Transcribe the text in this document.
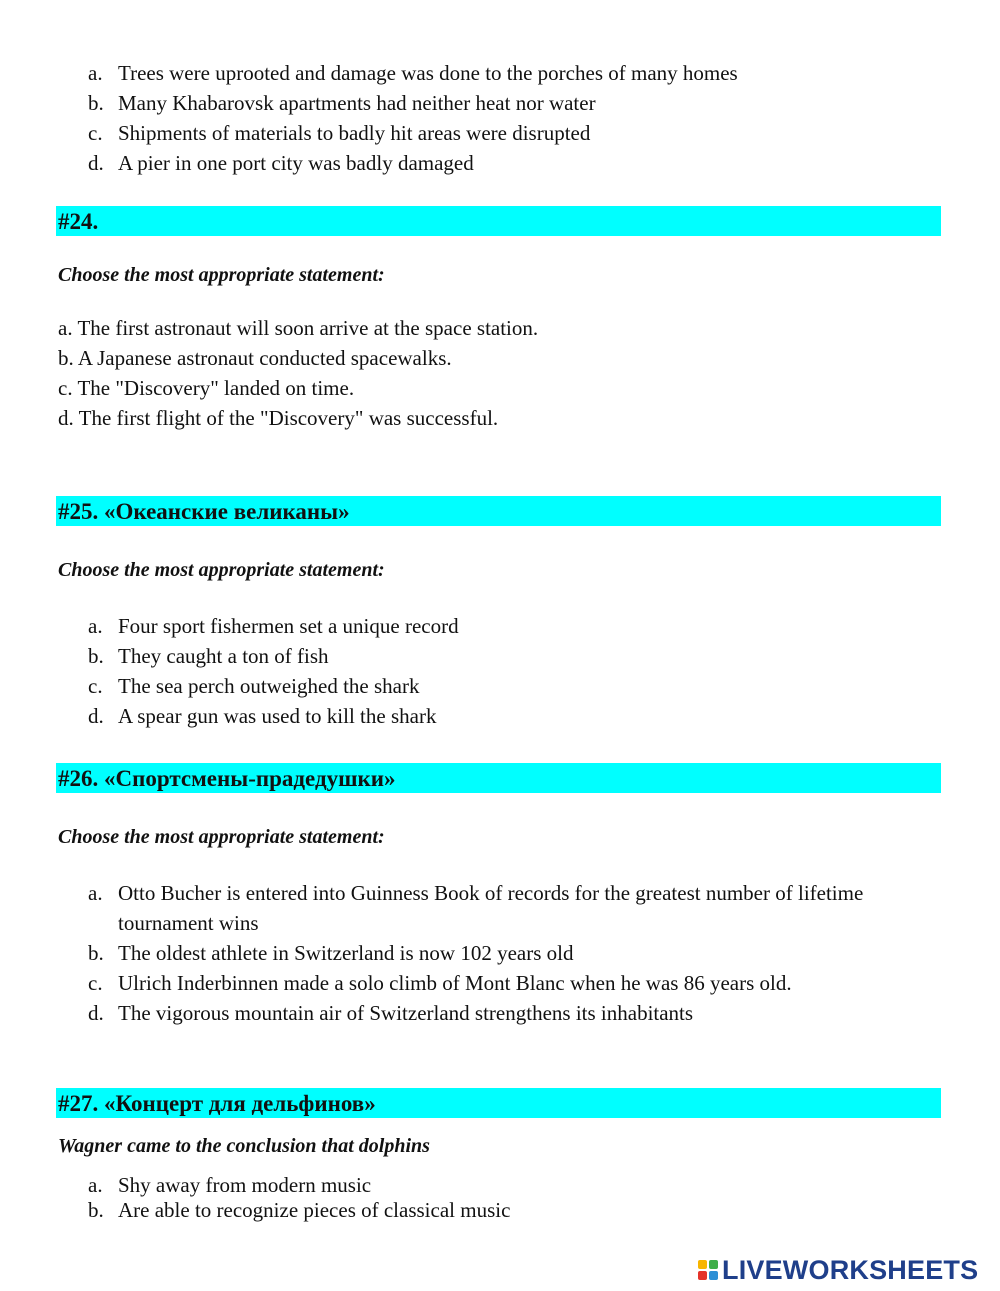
a. Trees were uprooted and damage was done to the porches of many homes
b. Many Khabarovsk apartments had neither heat nor water
c. Shipments of materials to badly hit areas were disrupted
d. A pier in one port city was badly damaged
#24.
Choose the most appropriate statement:
a. The first astronaut will soon arrive at the space station.
b. A Japanese astronaut conducted spacewalks.
c. The "Discovery" landed on time.
d. The first flight of the "Discovery" was successful.
#25. «Океанские великаны»
Choose the most appropriate statement:
a. Four sport fishermen set a unique record
b. They caught a ton of fish
c. The sea perch outweighed the shark
d. A spear gun was used to kill the shark
#26. «Спортсмены-прадедушки»
Choose the most appropriate statement:
a. Otto Bucher is entered into Guinness Book of records for the greatest number of lifetime tournament wins
b. The oldest athlete in Switzerland is now 102 years old
c. Ulrich Inderbinnen made a solo climb of Mont Blanc when he was 86 years old.
d. The vigorous mountain air of Switzerland strengthens its inhabitants
#27. «Концерт для дельфинов»
Wagner came to the conclusion that dolphins
a. Shy away from modern music
b. Are able to recognize pieces of classical music
LIVEWORKSHEETS
